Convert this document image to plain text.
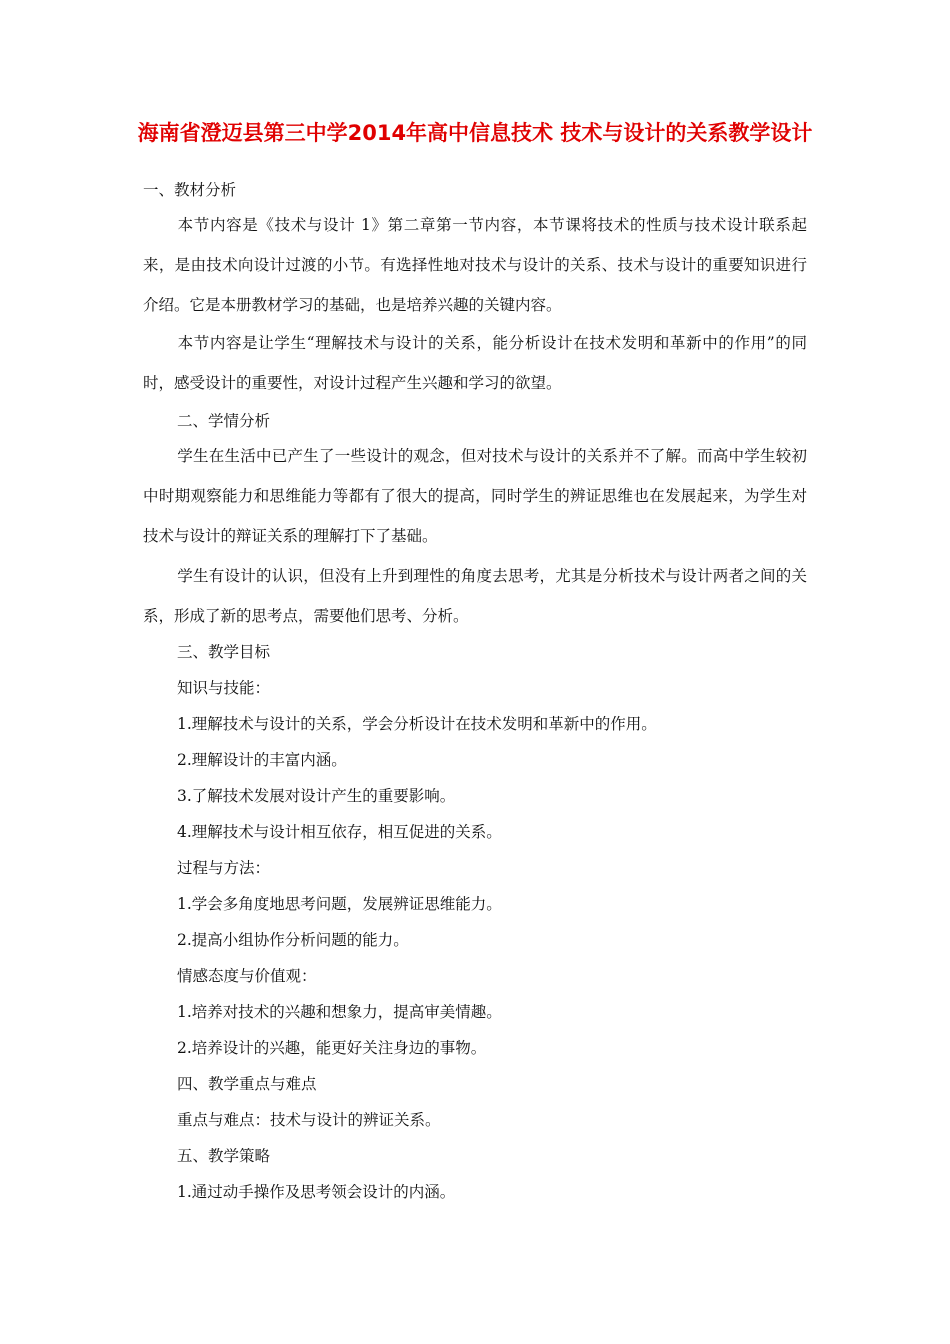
海南省澄迈县第三中学2014年高中信息技术 技术与设计的关系教学设计
一、教材分析
本节内容是《技术与设计 1》第二章第一节内容，本节课将技术的性质与技术设计联系起来，是由技术向设计过渡的小节。有选择性地对技术与设计的关系、技术与设计的重要知识进行介绍。它是本册教材学习的基础，也是培养兴趣的关键内容。
本节内容是让学生“理解技术与设计的关系，能分析设计在技术发明和革新中的作用”的同时，感受设计的重要性，对设计过程产生兴趣和学习的欲望。
二、学情分析
学生在生活中已产生了一些设计的观念，但对技术与设计的关系并不了解。而高中学生较初中时期观察能力和思维能力等都有了很大的提高，同时学生的辨证思维也在发展起来，为学生对技术与设计的辩证关系的理解打下了基础。
学生有设计的认识，但没有上升到理性的角度去思考，尤其是分析技术与设计两者之间的关系，形成了新的思考点，需要他们思考、分析。
三、教学目标
知识与技能：
1.理解技术与设计的关系，学会分析设计在技术发明和革新中的作用。
2.理解设计的丰富内涵。
3.了解技术发展对设计产生的重要影响。
4.理解技术与设计相互依存，相互促进的关系。
过程与方法：
1.学会多角度地思考问题，发展辨证思维能力。
2.提高小组协作分析问题的能力。
情感态度与价值观：
1.培养对技术的兴趣和想象力，提高审美情趣。
2.培养设计的兴趣，能更好关注身边的事物。
四、教学重点与难点
重点与难点：技术与设计的辨证关系。
五、教学策略
1.通过动手操作及思考领会设计的内涵。
